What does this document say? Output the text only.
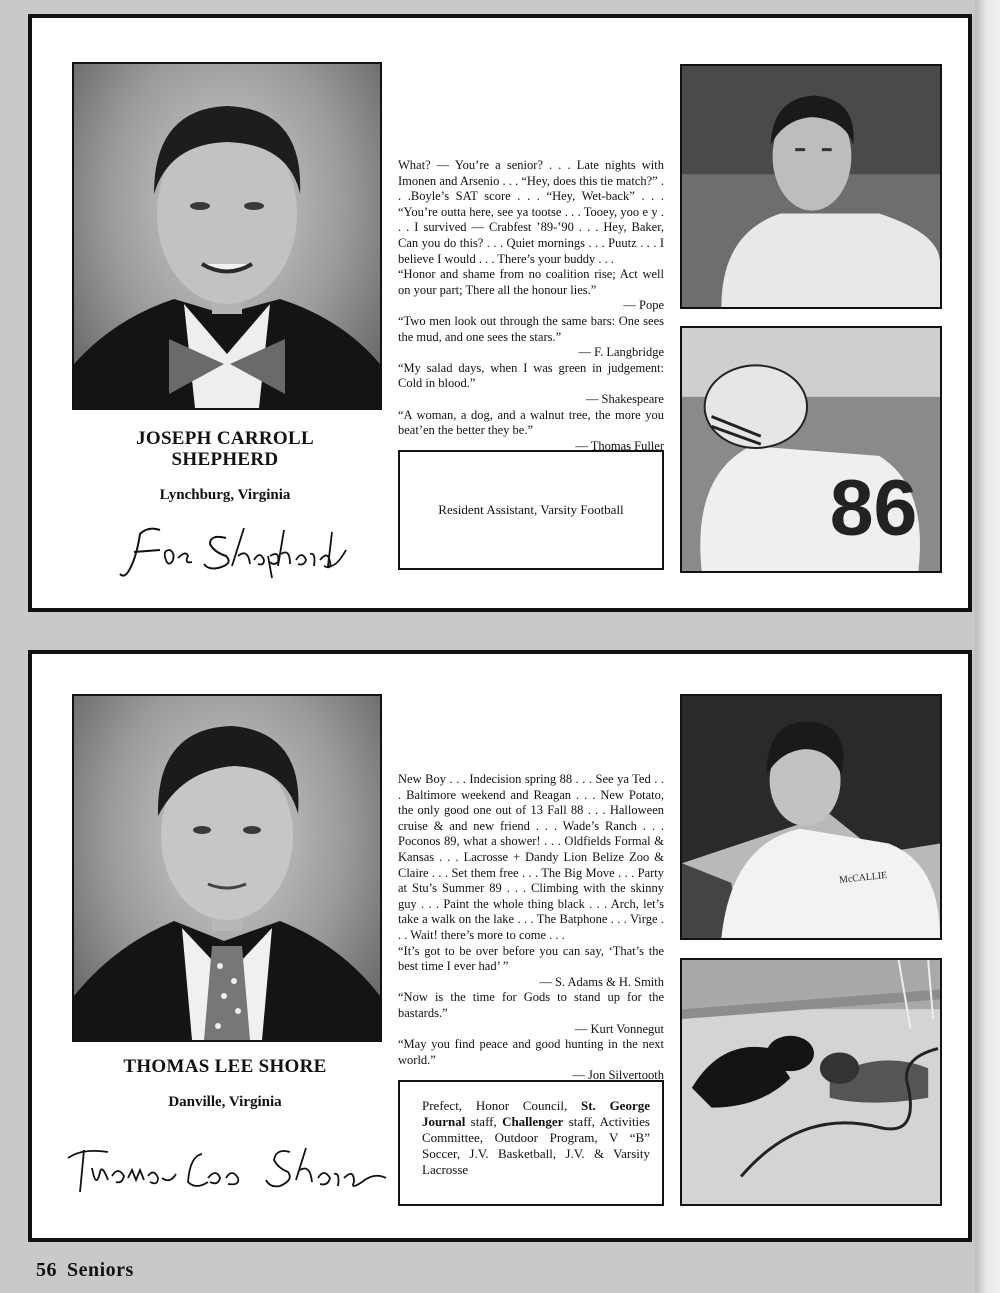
JOSEPH CARROLL
SHEPHERD
Lynchburg, Virginia
What? — You’re a senior? . . . Late nights with Imonen and Arsenio . . . “Hey, does this tie match?” . . .Boyle’s SAT score . . . “Hey, Wet-back” . . . “You’re outta here, see ya tootse . . . Tooey, yoo e y . . . I survived — Crabfest ’89-’90 . . . Hey, Baker, Can you do this? . . . Quiet mornings . . . Puutz . . . I believe I would . . . There’s your buddy . . .
“Honor and shame from no coalition rise; Act well on your part; There all the honour lies.”
— Pope
“Two men look out through the same bars: One sees the mud, and one sees the stars.”
— F. Langbridge
“My salad days, when I was green in judgement: Cold in blood.”
— Shakespeare
“A woman, a dog, and a walnut tree, the more you beat’en the better they be.”
— Thomas Fuller

Resident Assistant, Varsity Football	86
THOMAS LEE SHORE
Danville, Virginia
New Boy . . . Indecision spring 88 . . . See ya Ted . . . Baltimore weekend and Reagan . . . New Potato, the only good one out of 13 Fall 88 . . . Halloween cruise & and new friend . . . Wade’s Ranch . . . Poconos 89, what a shower! . . . Oldfields Formal & Kansas . . . Lacrosse + Dandy Lion Belize Zoo & Claire . . . Set them free . . . The Big Move . . . Party at Stu’s Summer 89 . . . Climbing with the skinny guy . . . Paint the whole thing black . . . Arch, let’s take a walk on the lake . . . The Batphone . . . Virge . . . Wait! there’s more to come . . .
“It’s got to be over before you can say, ‘That’s the best time I ever had’ ”
— S. Adams & H. Smith
“Now is the time for Gods to stand up for the bastards.”
— Kurt Vonnegut
“May you find peace and good hunting in the next world.”
— Jon Silvertooth

Prefect, Honor Council, St. George Journal staff, Challenger staff, Activities Committee, Outdoor Program, V “B” Soccer, J.V. Basketball, J.V. & Varsity Lacrosse

McCALLIE
56 Seniors
